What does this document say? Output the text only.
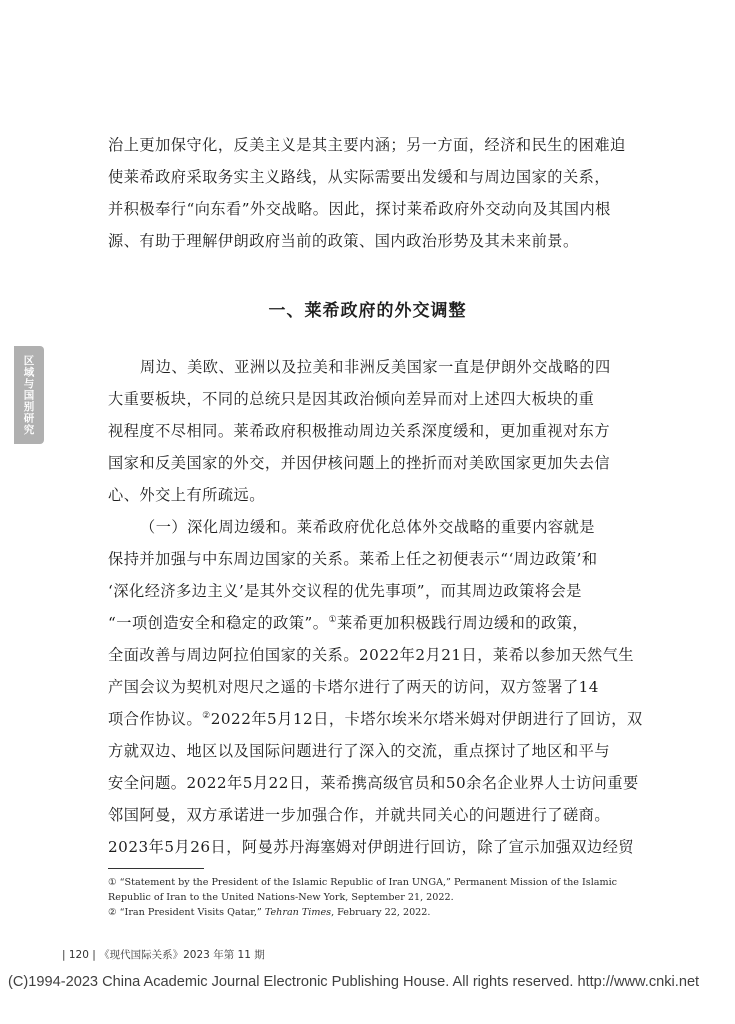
区域与国别研究
治上更加保守化，反美主义是其主要内涵；另一方面，经济和民生的困难迫
使莱希政府采取务实主义路线，从实际需要出发缓和与周边国家的关系，
并积极奉行“向东看”外交战略。因此，探讨莱希政府外交动向及其国内根
源、有助于理解伊朗政府当前的政策、国内政治形势及其未来前景。
一、莱希政府的外交调整
周边、美欧、亚洲以及拉美和非洲反美国家一直是伊朗外交战略的四
大重要板块，不同的总统只是因其政治倾向差异而对上述四大板块的重
视程度不尽相同。莱希政府积极推动周边关系深度缓和，更加重视对东方
国家和反美国家的外交，并因伊核问题上的挫折而对美欧国家更加失去信
心、外交上有所疏远。
（一）深化周边缓和。莱希政府优化总体外交战略的重要内容就是
保持并加强与中东周边国家的关系。莱希上任之初便表示“‘周边政策’和
‘深化经济多边主义’是其外交议程的优先事项”，而其周边政策将会是
“一项创造安全和稳定的政策”。①莱希更加积极践行周边缓和的政策，
全面改善与周边阿拉伯国家的关系。2022年2月21日，莱希以参加天然气生
产国会议为契机对咫尺之遥的卡塔尔进行了两天的访问，双方签署了14
项合作协议。②2022年5月12日，卡塔尔埃米尔塔米姆对伊朗进行了回访，双
方就双边、地区以及国际问题进行了深入的交流，重点探讨了地区和平与
安全问题。2022年5月22日，莱希携高级官员和50余名企业界人士访问重要
邻国阿曼，双方承诺进一步加强合作，并就共同关心的问题进行了磋商。
2023年5月26日，阿曼苏丹海塞姆对伊朗进行回访，除了宣示加强双边经贸
① “Statement by the President of the Islamic Republic of Iran UNGA,” Permanent Mission of the Islamic
Republic of Iran to the United Nations-New York, September 21, 2022.
② “Iran President Visits Qatar,” Tehran Times, February 22, 2022.
| 120 | 《现代国际关系》2023 年第 11 期
(C)1994-2023 China Academic Journal Electronic Publishing House. All rights reserved. http://www.cnki.net
